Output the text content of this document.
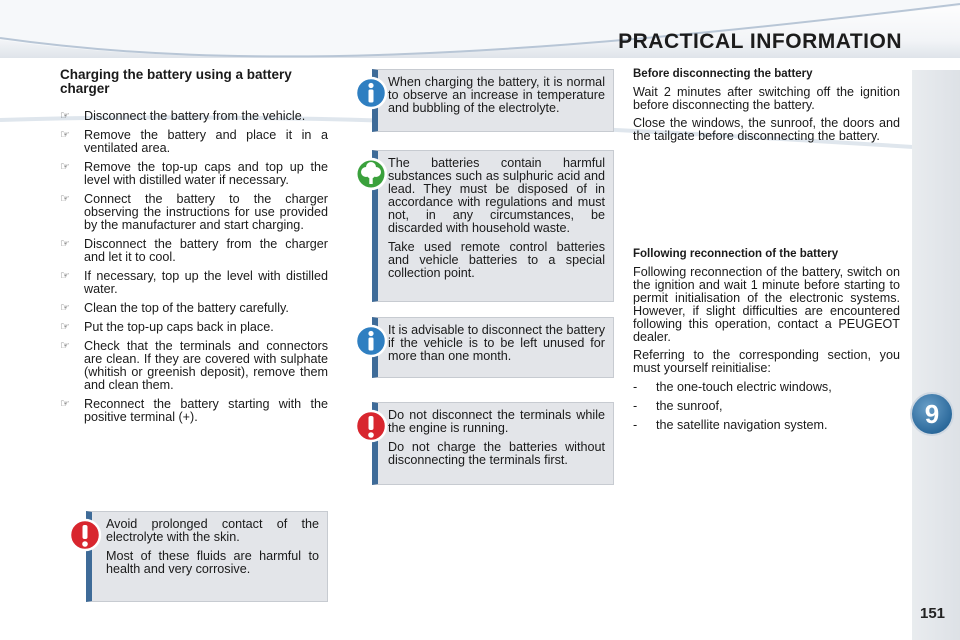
PRACTICAL INFORMATION
9
151
Charging the battery using a battery charger
☞ Disconnect the battery from the vehicle.
☞ Remove the battery and place it in a ventilated area.
☞ Remove the top-up caps and top up the level with distilled water if necessary.
☞ Connect the battery to the charger observing the instructions for use provided by the manufacturer and start charging.
☞ Disconnect the battery from the charger and let it to cool.
☞ If necessary, top up the level with distilled water.
☞ Clean the top of the battery carefully.
☞ Put the top-up caps back in place.
☞ Check that the terminals and connectors are clean. If they are covered with sulphate (whitish or greenish deposit), remove them and clean them.
☞ Reconnect the battery starting with the positive terminal (+).

Avoid prolonged contact of the electrolyte with the skin.

Most of these fluids are harmful to health and very corrosive.

When charging the battery, it is normal to observe an increase in temperature and bubbling of the electrolyte.

The batteries contain harmful substances such as sulphuric acid and lead. They must be disposed of in accordance with regulations and must not, in any circumstances, be discarded with household waste.

Take used remote control batteries and vehicle batteries to a special collection point.

It is advisable to disconnect the battery if the vehicle is to be left unused for more than one month.

Do not disconnect the terminals while the engine is running.

Do not charge the batteries without disconnecting the terminals first.

Before disconnecting the battery

Wait 2 minutes after switching off the ignition before disconnecting the battery.

Close the windows, the sunroof, the doors and the tailgate before disconnecting the battery.

Following reconnection of the battery

Following reconnection of the battery, switch on the ignition and wait 1 minute before starting to permit initialisation of the electronic systems. However, if slight difficulties are encountered following this operation, contact a PEUGEOT dealer.

Referring to the corresponding section, you must yourself reinitialise:

- the one-touch electric windows,
- the sunroof,
- the satellite navigation system.
